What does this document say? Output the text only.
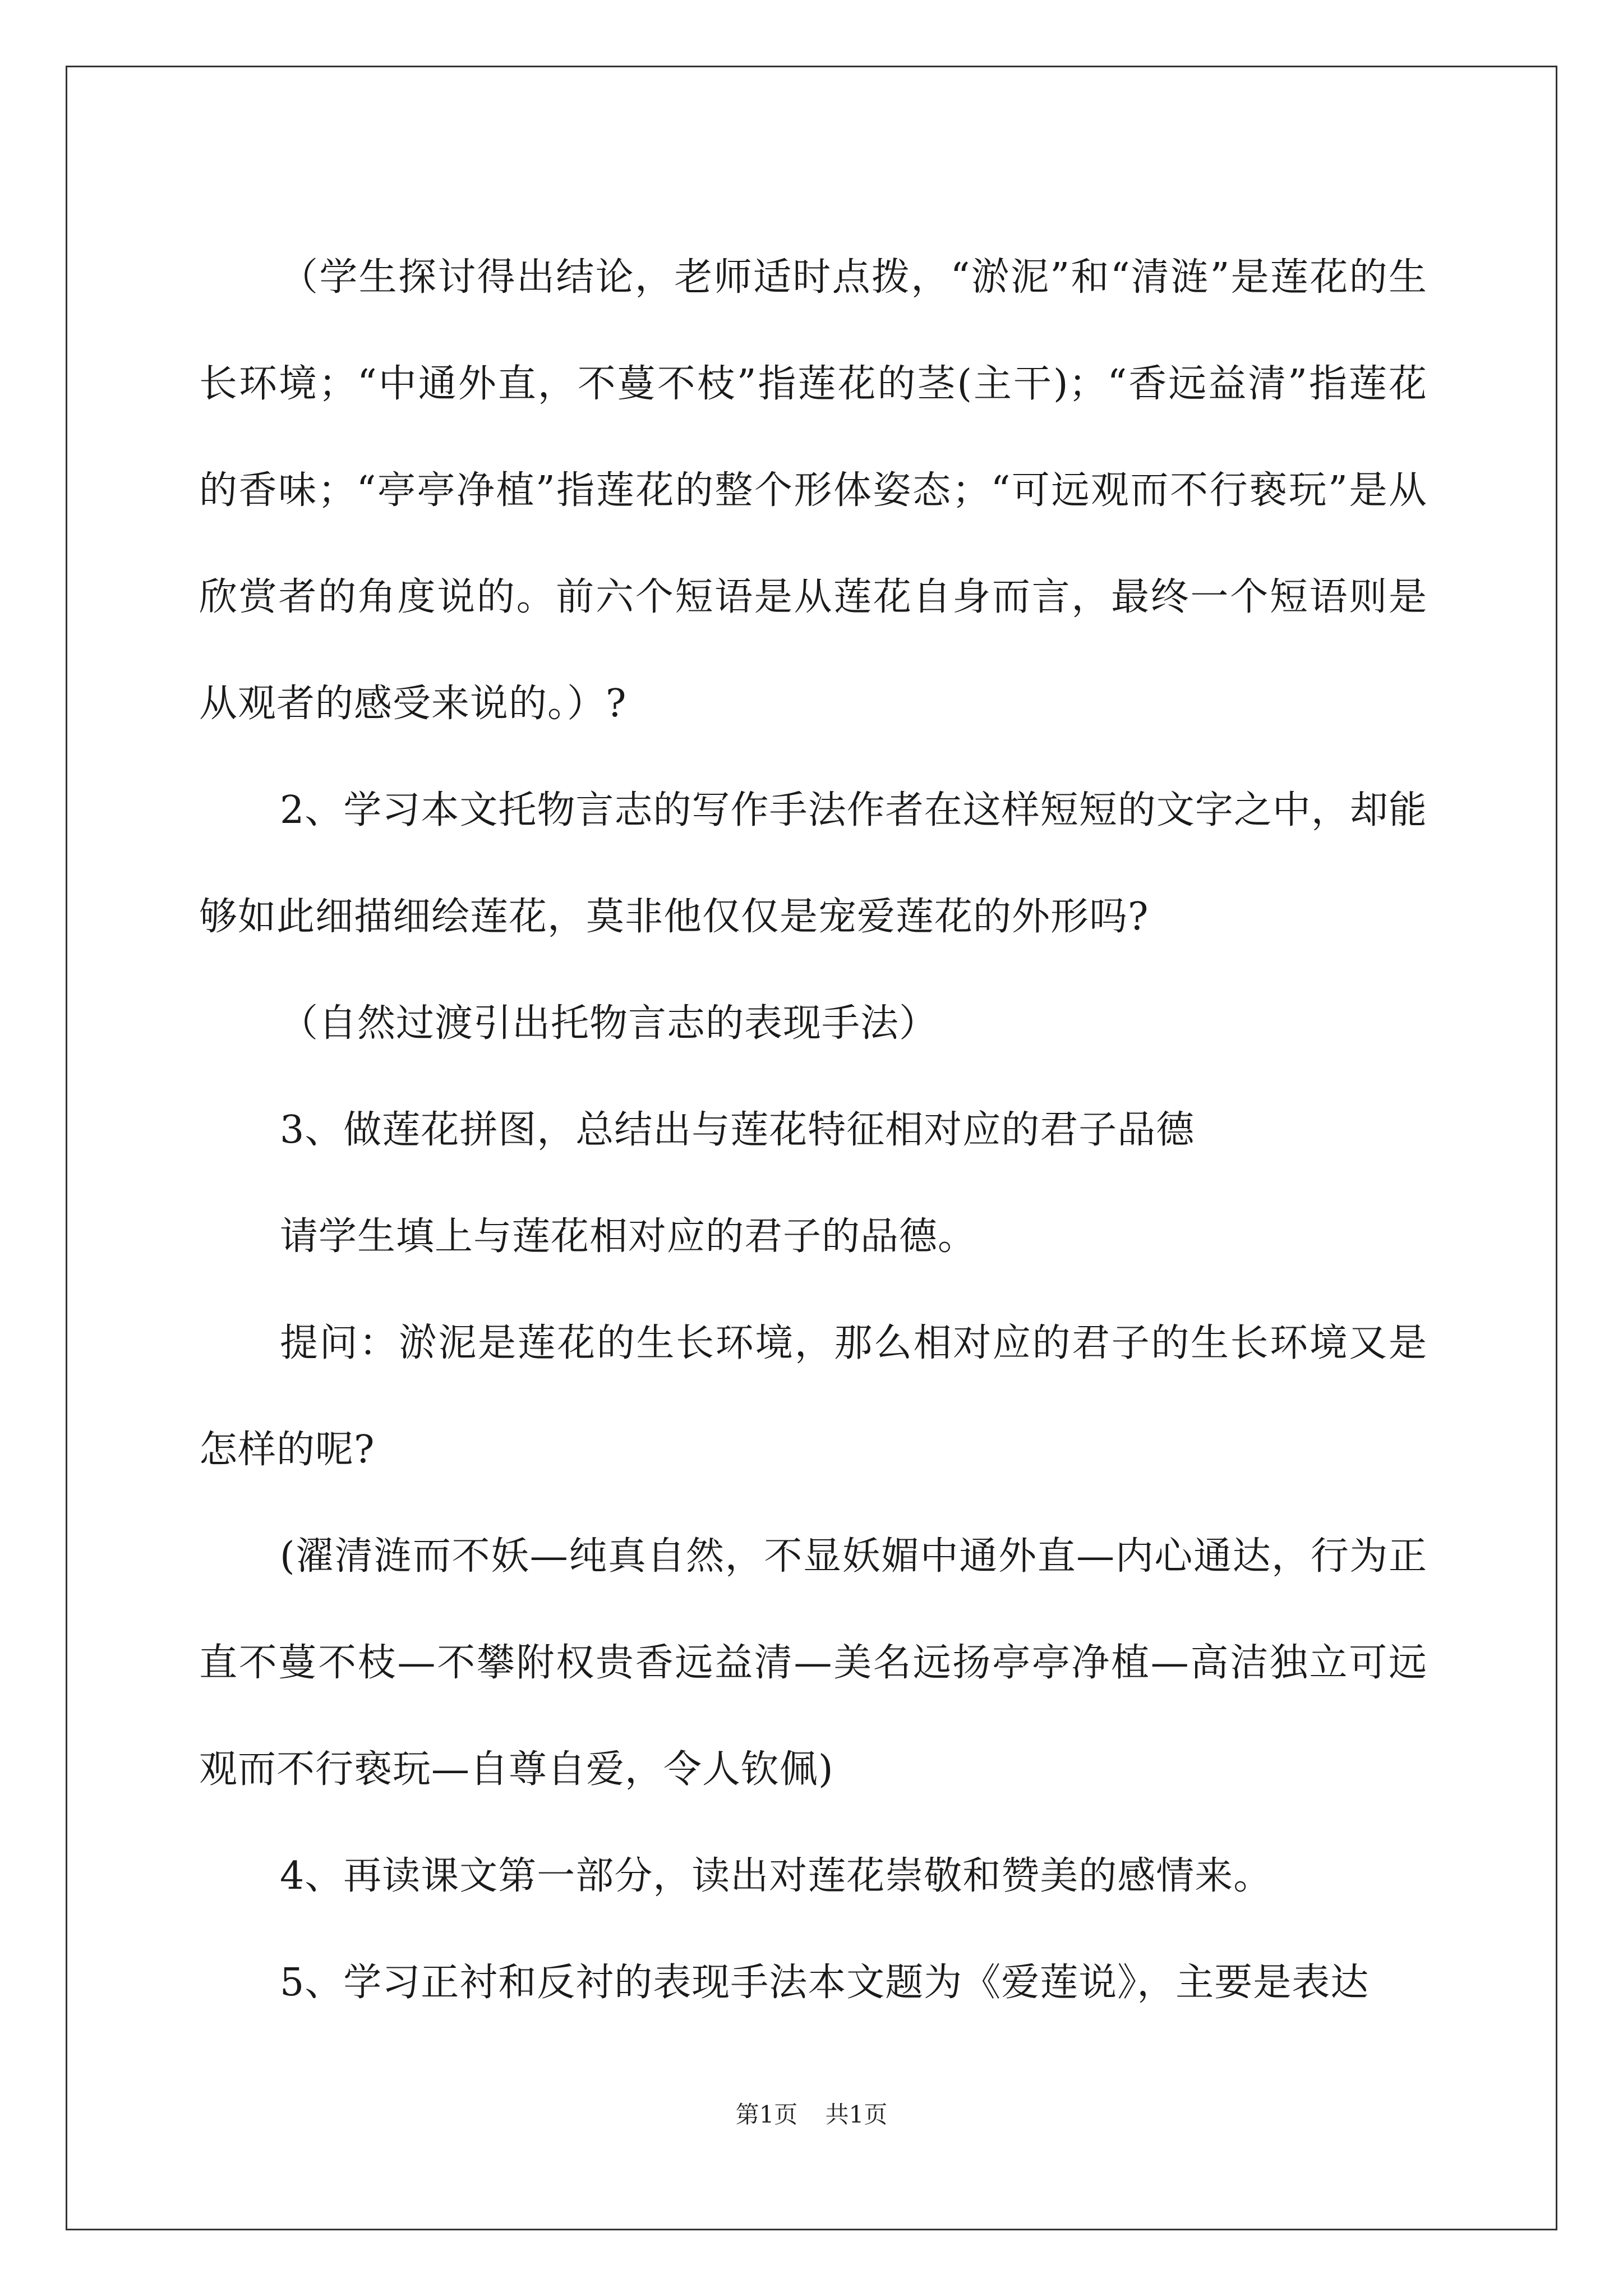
（学生探讨得出结论，老师适时点拨，“淤泥”和“清涟”是莲花的生长环境；“中通外直，不蔓不枝”指莲花的茎(主干)；“香远益清”指莲花的香味；“亭亭净植”指莲花的整个形体姿态；“可远观而不行亵玩”是从欣赏者的角度说的。前六个短语是从莲花自身而言，最终一个短语则是从观者的感受来说的。）?

2、学习本文托物言志的写作手法作者在这样短短的文字之中，却能够如此细描细绘莲花，莫非他仅仅是宠爱莲花的外形吗?

（自然过渡引出托物言志的表现手法）

3、做莲花拼图，总结出与莲花特征相对应的君子品德

请学生填上与莲花相对应的君子的品德。

提问：淤泥是莲花的生长环境，那么相对应的君子的生长环境又是怎样的呢?

(濯清涟而不妖—纯真自然，不显妖媚中通外直—内心通达，行为正直不蔓不枝—不攀附权贵香远益清—美名远扬亭亭净植—高洁独立可远观而不行亵玩—自尊自爱，令人钦佩)

4、再读课文第一部分，读出对莲花崇敬和赞美的感情来。

5、学习正衬和反衬的表现手法本文题为《爱莲说》，主要是表达

第1页 共1页
